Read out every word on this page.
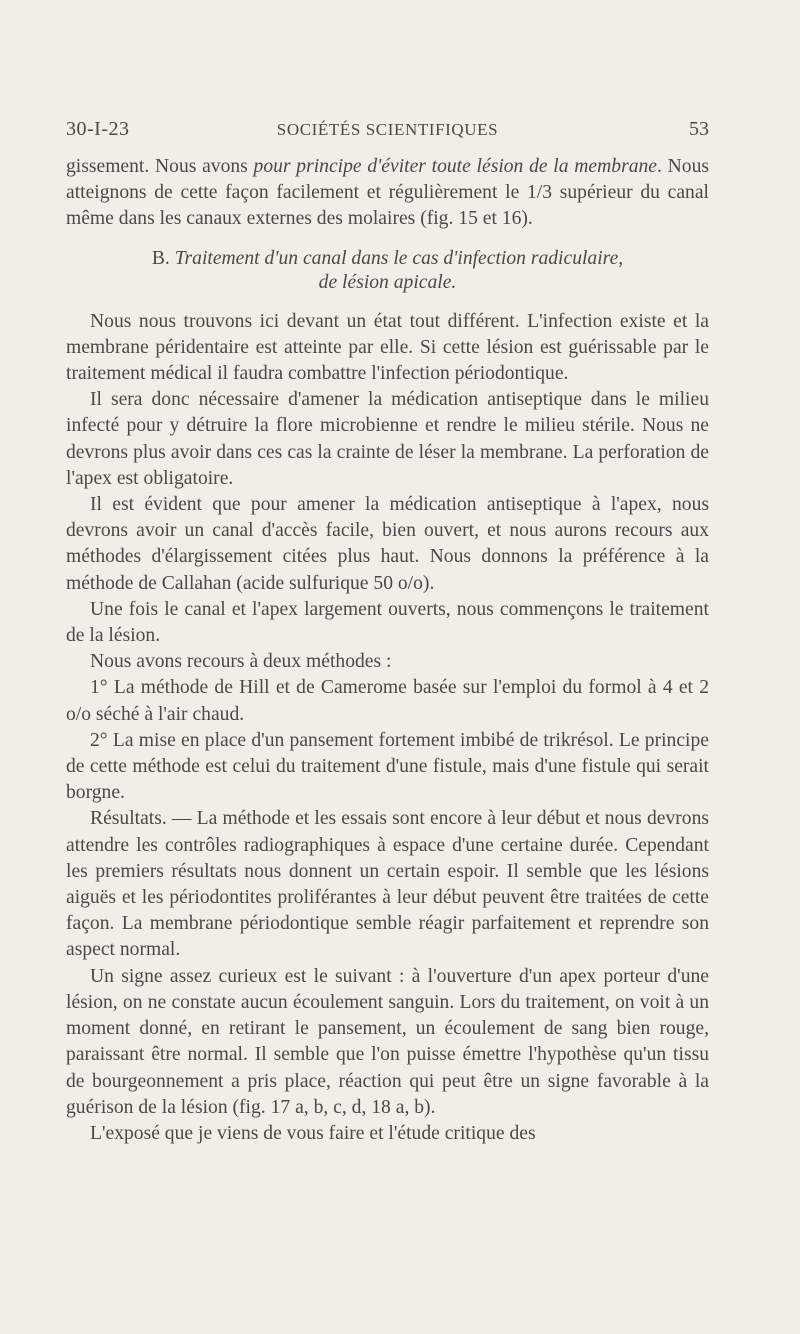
30-I-23	SOCIÉTÉS SCIENTIFIQUES	53

gissement. Nous avons pour principe d'éviter toute lésion de la membrane. Nous atteignons de cette façon facilement et régulièrement le 1/3 supérieur du canal même dans les canaux externes des molaires (fig. 15 et 16).

B. Traitement d'un canal dans le cas d'infection radiculaire,
de lésion apicale.

Nous nous trouvons ici devant un état tout différent. L'infection existe et la membrane péridentaire est atteinte par elle. Si cette lésion est guérissable par le traitement médical il faudra combattre l'infection périodontique.

Il sera donc nécessaire d'amener la médication antiseptique dans le milieu infecté pour y détruire la flore microbienne et rendre le milieu stérile. Nous ne devrons plus avoir dans ces cas la crainte de léser la membrane. La perforation de l'apex est obligatoire.

Il est évident que pour amener la médication antiseptique à l'apex, nous devrons avoir un canal d'accès facile, bien ouvert, et nous aurons recours aux méthodes d'élargissement citées plus haut. Nous donnons la préférence à la méthode de Callahan (acide sulfurique 50 o/o).

Une fois le canal et l'apex largement ouverts, nous commençons le traitement de la lésion.

Nous avons recours à deux méthodes :

1° La méthode de Hill et de Camerome basée sur l'emploi du formol à 4 et 2 o/o séché à l'air chaud.

2° La mise en place d'un pansement fortement imbibé de trikrésol. Le principe de cette méthode est celui du traitement d'une fistule, mais d'une fistule qui serait borgne.

Résultats. — La méthode et les essais sont encore à leur début et nous devrons attendre les contrôles radiographiques à espace d'une certaine durée. Cependant les premiers résultats nous donnent un certain espoir. Il semble que les lésions aiguës et les périodontites proliférantes à leur début peuvent être traitées de cette façon. La membrane périodontique semble réagir parfaitement et reprendre son aspect normal.

Un signe assez curieux est le suivant : à l'ouverture d'un apex porteur d'une lésion, on ne constate aucun écoulement sanguin. Lors du traitement, on voit à un moment donné, en retirant le pansement, un écoulement de sang bien rouge, paraissant être normal. Il semble que l'on puisse émettre l'hypothèse qu'un tissu de bourgeonnement a pris place, réaction qui peut être un signe favorable à la guérison de la lésion (fig. 17 a, b, c, d, 18 a, b).

L'exposé que je viens de vous faire et l'étude critique des
